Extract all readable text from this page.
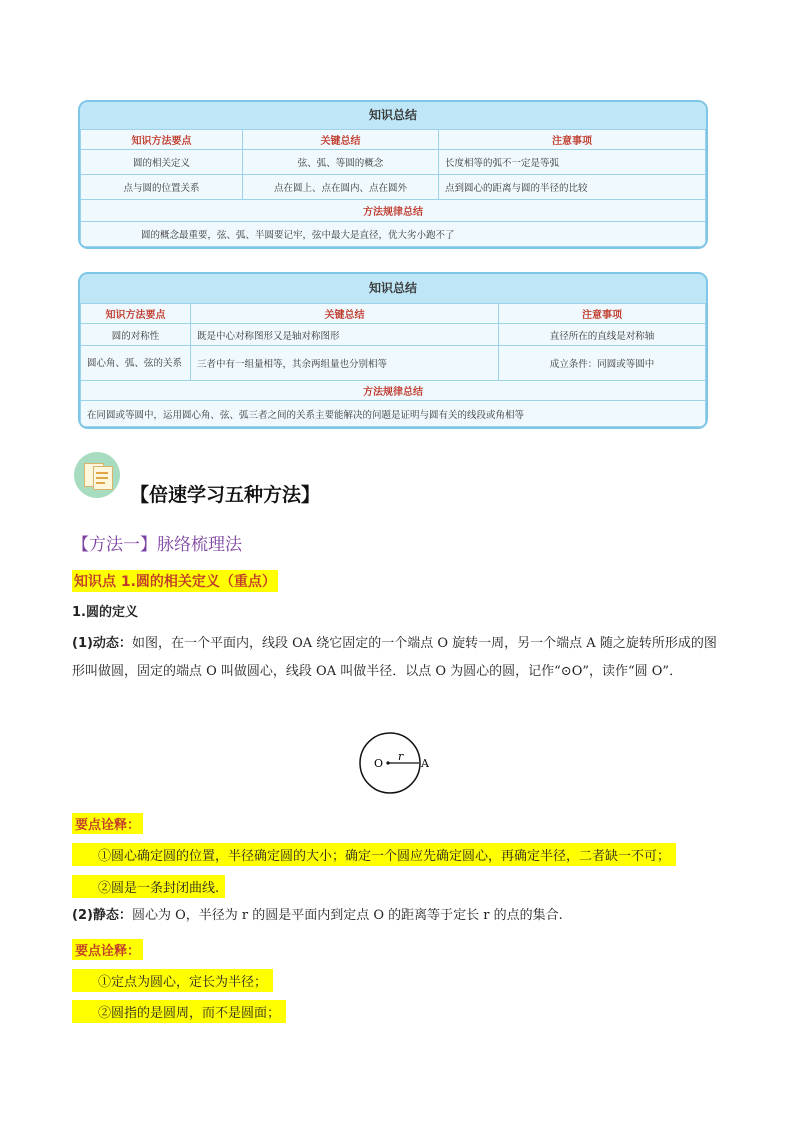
知识总结
知识方法要点	关键总结	注意事项
圆的相关定义	弦、弧、等圆的概念	长度相等的弧不一定是等弧
点与圆的位置关系	点在圆上、点在圆内、点在圆外	点到圆心的距离与圆的半径的比较
方法规律总结		
圆的概念最重要，弦、弧、半圆要记牢，弦中最大是直径，优大劣小跑不了		
知识总结
知识方法要点	关键总结	注意事项
圆的对称性	既是中心对称图形又是轴对称图形	直径所在的直线是对称轴
圆心角、弧、弦的关系	三者中有一组量相等，其余两组量也分别相等	成立条件：同圆或等圆中
方法规律总结		
在同圆或等圆中，运用圆心角、弦、弧三者之间的关系主要能解决的问题是证明与圆有关的线段或角相等		
【倍速学习五种方法】
【方法一】脉络梳理法
知识点 1.圆的相关定义（重点）
1.圆的定义
(1)动态：如图，在一个平面内，线段 OA 绕它固定的一个端点 O 旋转一周，另一个端点 A 随之旋转所形成的图形叫做圆，固定的端点 O 叫做圆心，线段 OA 叫做半径．以点 O 为圆心的圆，记作“⊙O”，读作“圆 O”．
O
r
A
要点诠释：
①圆心确定圆的位置，半径确定圆的大小；确定一个圆应先确定圆心，再确定半径，二者缺一不可；
②圆是一条封闭曲线.
(2)静态：圆心为 O，半径为 r 的圆是平面内到定点 O 的距离等于定长 r 的点的集合.
要点诠释：
①定点为圆心，定长为半径；
②圆指的是圆周，而不是圆面；
